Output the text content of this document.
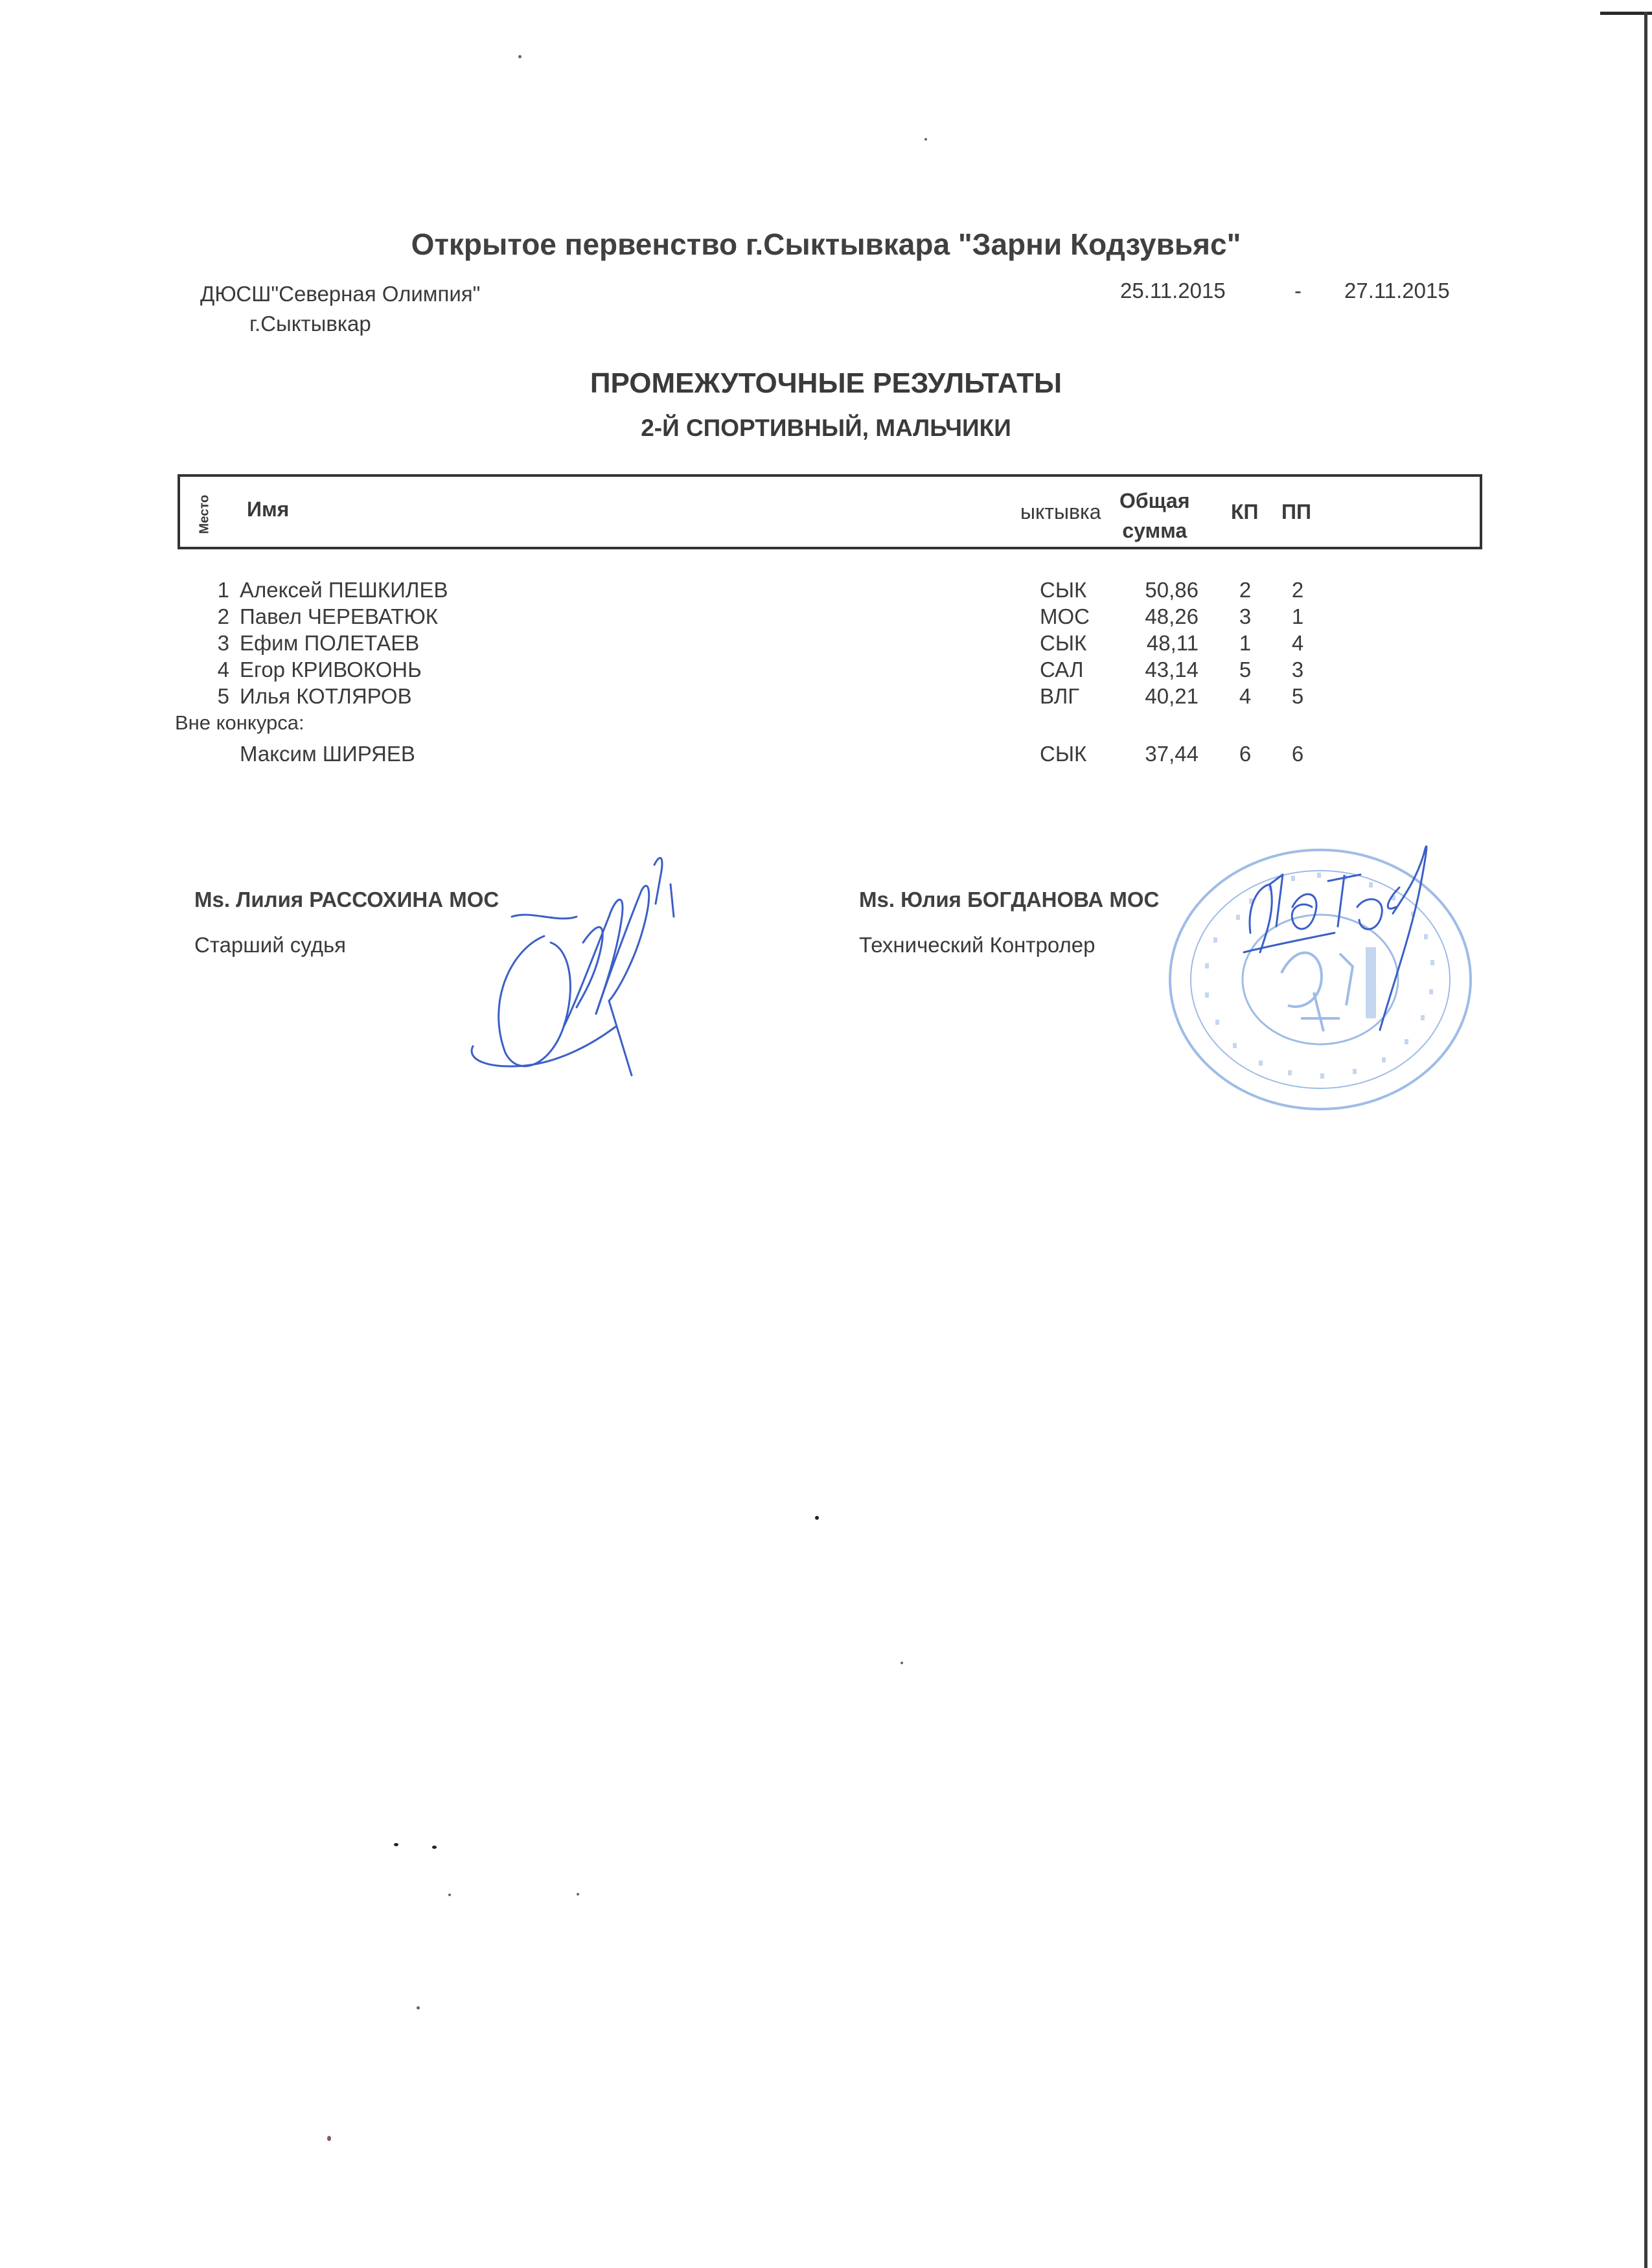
Открытое первенство г.Сыктывкара "Зарни Кодзувьяс"
ДЮСШ"Северная Олимпия"
г.Сыктывкар
25.11.2015	- 27.11.2015
ПРОМЕЖУТОЧНЫЕ РЕЗУЛЬТАТЫ
2-Й СПОРТИВНЫЙ, МАЛЬЧИКИ
Место Имя	ыктывка Общая
сумма
КП ПП
1 Алексей ПЕШКИЛЕВ	СЫК	50,86 2 2
2 Павел ЧЕРЕВАТЮК	МОС	48,26 3 1
3 Ефим ПОЛЕТАЕВ	СЫК	48,11 1 4
4 Егор КРИВОКОНЬ	САЛ	43,14 5 3
5 Илья КОТЛЯРОВ	ВЛГ	40,21 4 5
Вне конкурса:
Максим ШИРЯЕВ	СЫК	37,44 6 6
Ms. Лилия РАССОХИНА МОС
Старший судья
Ms. Юлия БОГДАНОВА МОС
Технический Контролер
